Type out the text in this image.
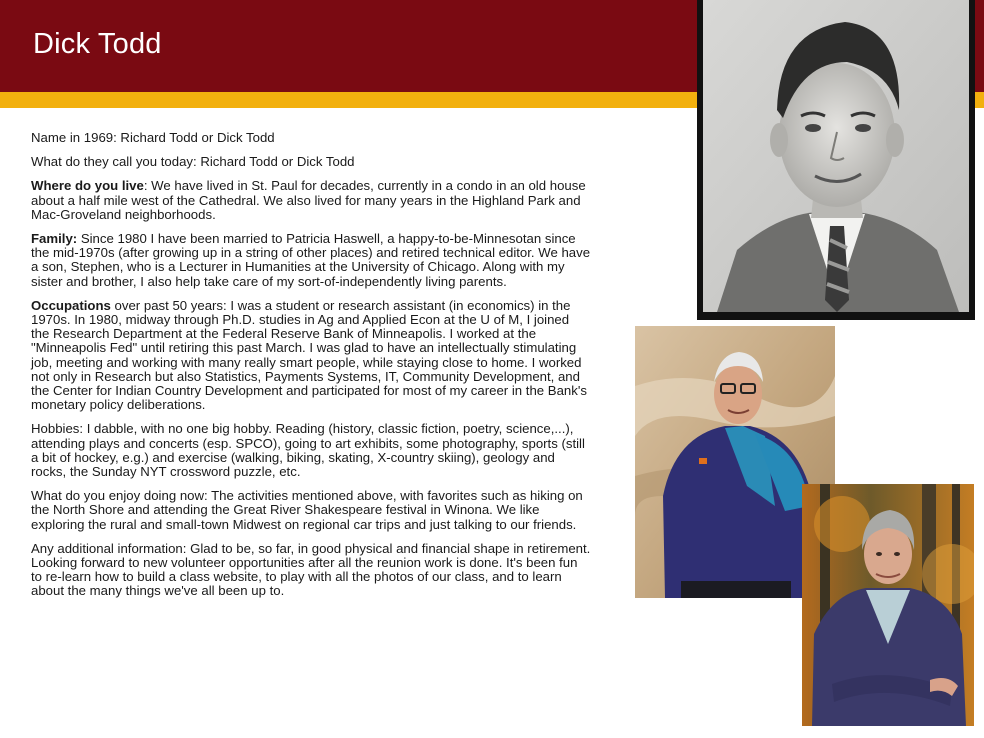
Dick Todd

Name in 1969: Richard Todd or Dick Todd

What do they call you today: Richard Todd or Dick Todd

Where do you live: We have lived in St. Paul for decades, currently in a condo in an old house about a half mile west of the Cathedral. We also lived for many years in the Highland Park and Mac-Groveland neighborhoods.

Family: Since 1980 I have been married to Patricia Haswell, a happy-to-be-Minnesotan since the mid-1970s (after growing up in a string of other places) and retired technical editor. We have a son, Stephen, who is a Lecturer in Humanities at the University of Chicago. Along with my sister and brother, I also help take care of my sort-of-independently living parents.

Occupations over past 50 years: I was a student or research assistant (in economics) in the 1970s. In 1980, midway through Ph.D. studies in Ag and Applied Econ at the U of M, I joined the Research Department at the Federal Reserve Bank of Minneapolis. I worked at the "Minneapolis Fed" until retiring this past March. I was glad to have an intellectually stimulating job, meeting and working with many really smart people, while staying close to home. I worked not only in Research but also Statistics, Payments Systems, IT, Community Development, and the Center for Indian Country Development and participated for most of my career in the Bank's monetary policy deliberations.

Hobbies: I dabble, with no one big hobby. Reading (history, classic fiction, poetry, science,...), attending plays and concerts (esp. SPCO), going to art exhibits, some photography, sports (still a bit of hockey, e.g.) and exercise (walking, biking, skating, X-country skiing), geology and rocks, the Sunday NYT crossword puzzle, etc.

What do you enjoy doing now: The activities mentioned above, with favorites such as hiking on the North Shore and attending the Great River Shakespeare festival in Winona. We like exploring the rural and small-town Midwest on regional car trips and just talking to our friends.

Any additional information: Glad to be, so far, in good physical and financial shape in retirement. Looking forward to new volunteer opportunities after all the reunion work is done. It's been fun to re-learn how to build a class website, to play with all the photos of our class, and to learn about the many things we've all been up to.
